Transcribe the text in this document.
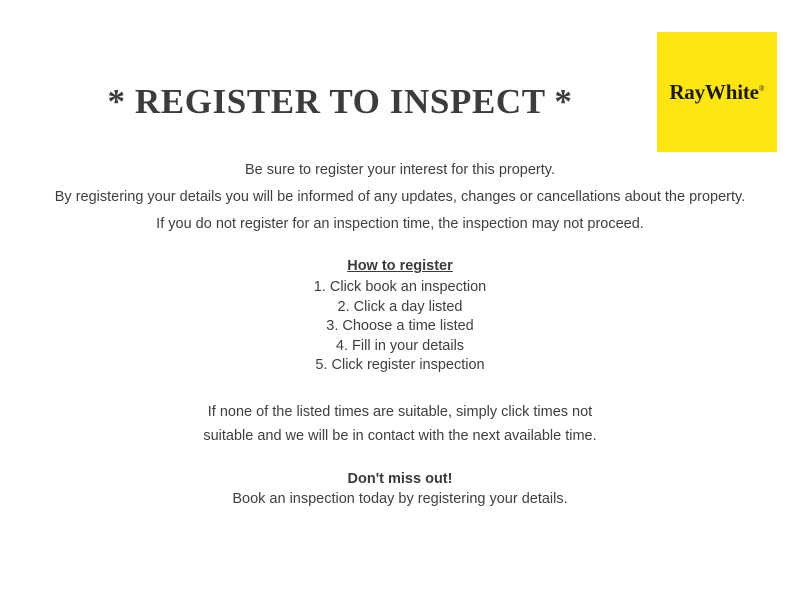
RayWhite®
* REGISTER TO INSPECT *

Be sure to register your interest for this property.

By registering your details you will be informed of any updates, changes or cancellations about the property.

If you do not register for an inspection time, the inspection may not proceed.

How to register
1. Click book an inspection
2. Click a day listed
3. Choose a time listed
4. Fill in your details
5. Click register inspection

If none of the listed times are suitable, simply click times not

suitable and we will be in contact with the next available time.

Don't miss out!
Book an inspection today by registering your details.
